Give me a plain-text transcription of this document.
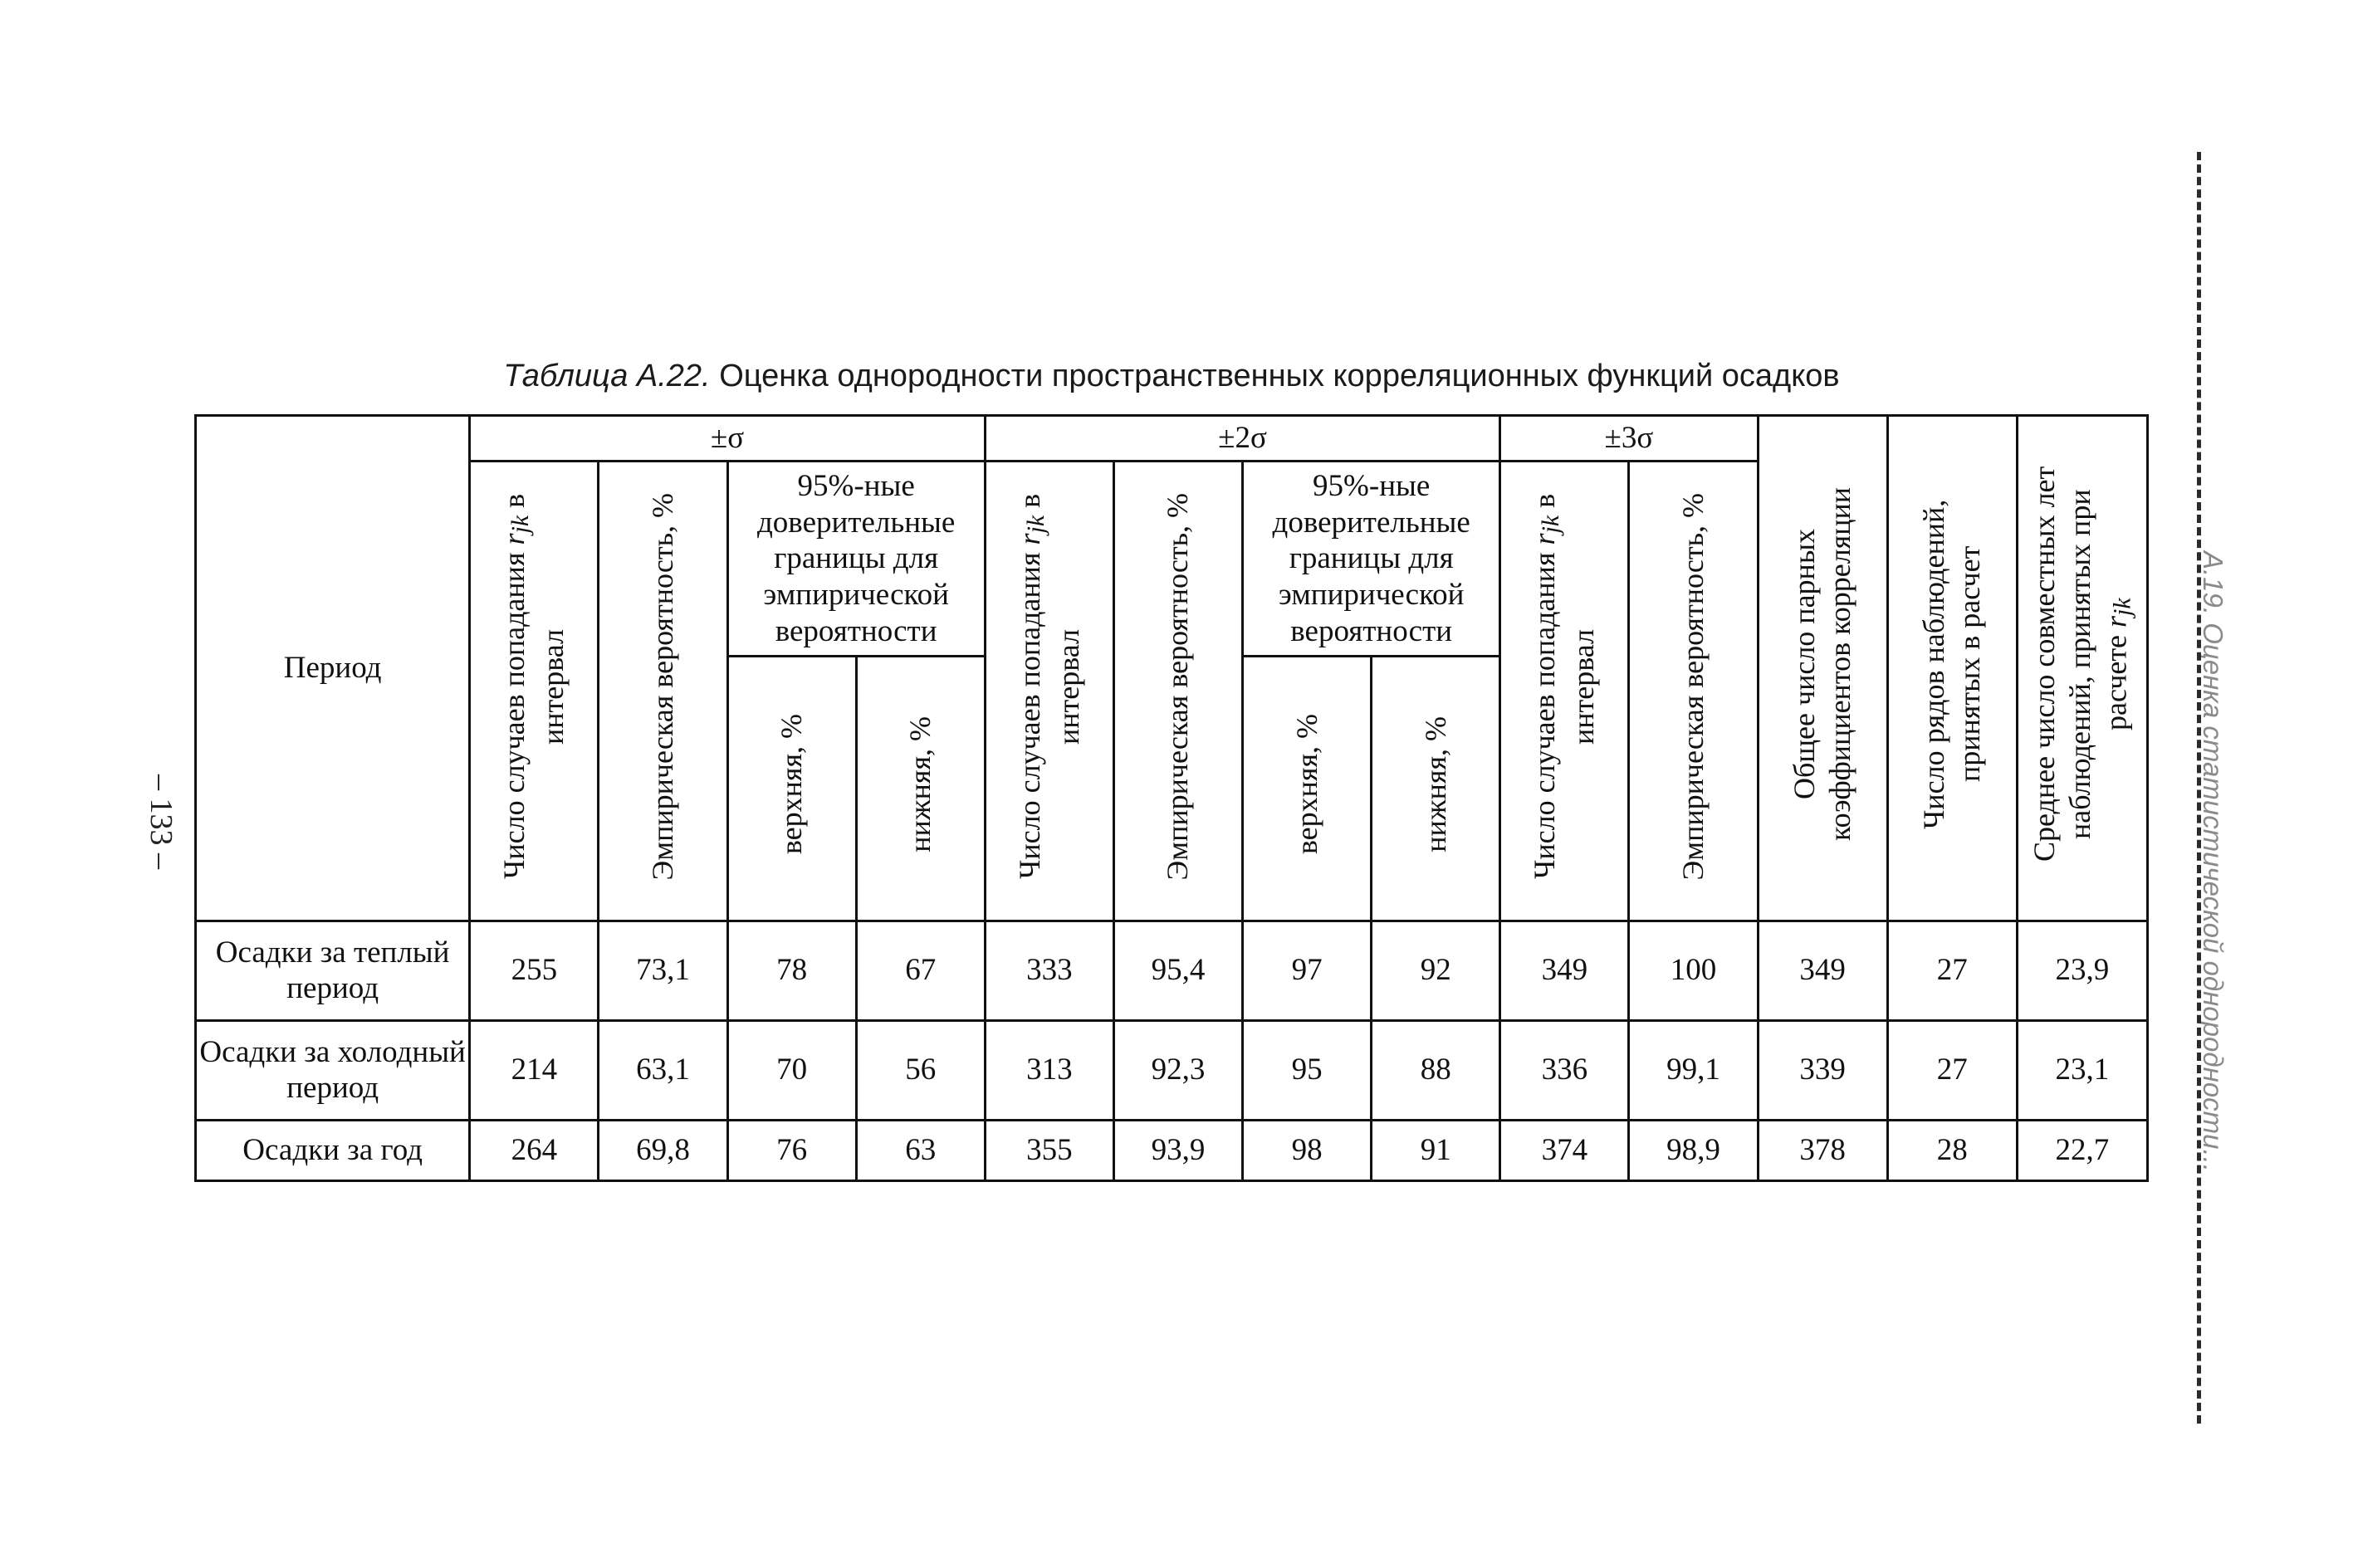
Таблица А.22. Оценка однородности пространственных корреляционных функций осадков
Период	±σ				±2σ				±3σ		Общее число парных коэффициентов корреляции	Число рядов наблюдений, принятых в расчет	Среднее число совместных лет наблюдений, принятых при расчете $r_{jk}$
	Число случаев попадания $r_{jk}$ в интервал	Эмпирическая вероятность, %	95%-ные доверительные границы для эмпирической вероятности		Число случаев попадания $r_{jk}$ в интервал	Эмпирическая вероятность, %	95%-ные доверительные границы для эмпирической вероятности		Число случаев попадания $r_{jk}$ в интервал	Эмпирическая вероятность, %			
			верхняя, %	нижняя, %			верхняя, %	нижняя, %					
Осадки за теплый период	255	73,1	78	67	333	95,4	97	92	349	100	349	27	23,9
Осадки за холодный период	214	63,1	70	56	313	92,3	95	88	336	99,1	339	27	23,1
Осадки за год	264	69,8	76	63	355	93,9	98	91	374	98,9	378	28	22,7
– 133 –	А.19. Оценка статистической однородности...
